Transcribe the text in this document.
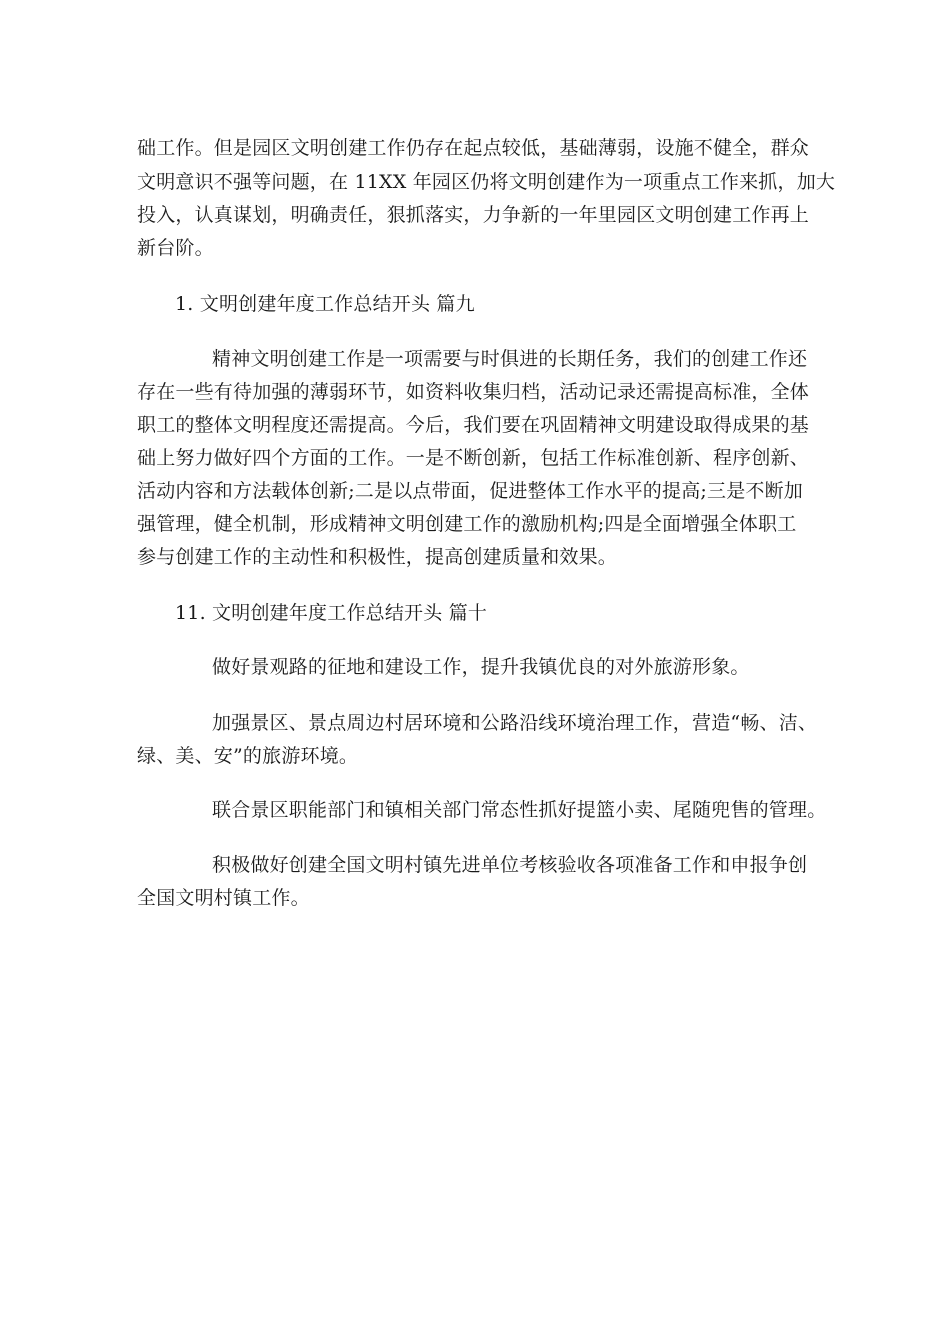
础工作。但是园区文明创建工作仍存在起点较低，基础薄弱，设施不健全，群众
文明意识不强等问题，在 11XX 年园区仍将文明创建作为一项重点工作来抓，加大
投入，认真谋划，明确责任，狠抓落实，力争新的一年里园区文明创建工作再上
新台阶。
1. 文明创建年度工作总结开头 篇九
精神文明创建工作是一项需要与时俱进的长期任务，我们的创建工作还
存在一些有待加强的薄弱环节，如资料收集归档，活动记录还需提高标准，全体
职工的整体文明程度还需提高。今后，我们要在巩固精神文明建设取得成果的基
础上努力做好四个方面的工作。一是不断创新，包括工作标准创新、程序创新、
活动内容和方法载体创新;二是以点带面，促进整体工作水平的提高;三是不断加
强管理，健全机制，形成精神文明创建工作的激励机构;四是全面增强全体职工
参与创建工作的主动性和积极性，提高创建质量和效果。
11. 文明创建年度工作总结开头 篇十
做好景观路的征地和建设工作，提升我镇优良的对外旅游形象。
加强景区、景点周边村居环境和公路沿线环境治理工作，营造“畅、洁、
绿、美、安”的旅游环境。
联合景区职能部门和镇相关部门常态性抓好提篮小卖、尾随兜售的管理。
积极做好创建全国文明村镇先进单位考核验收各项准备工作和申报争创
全国文明村镇工作。
